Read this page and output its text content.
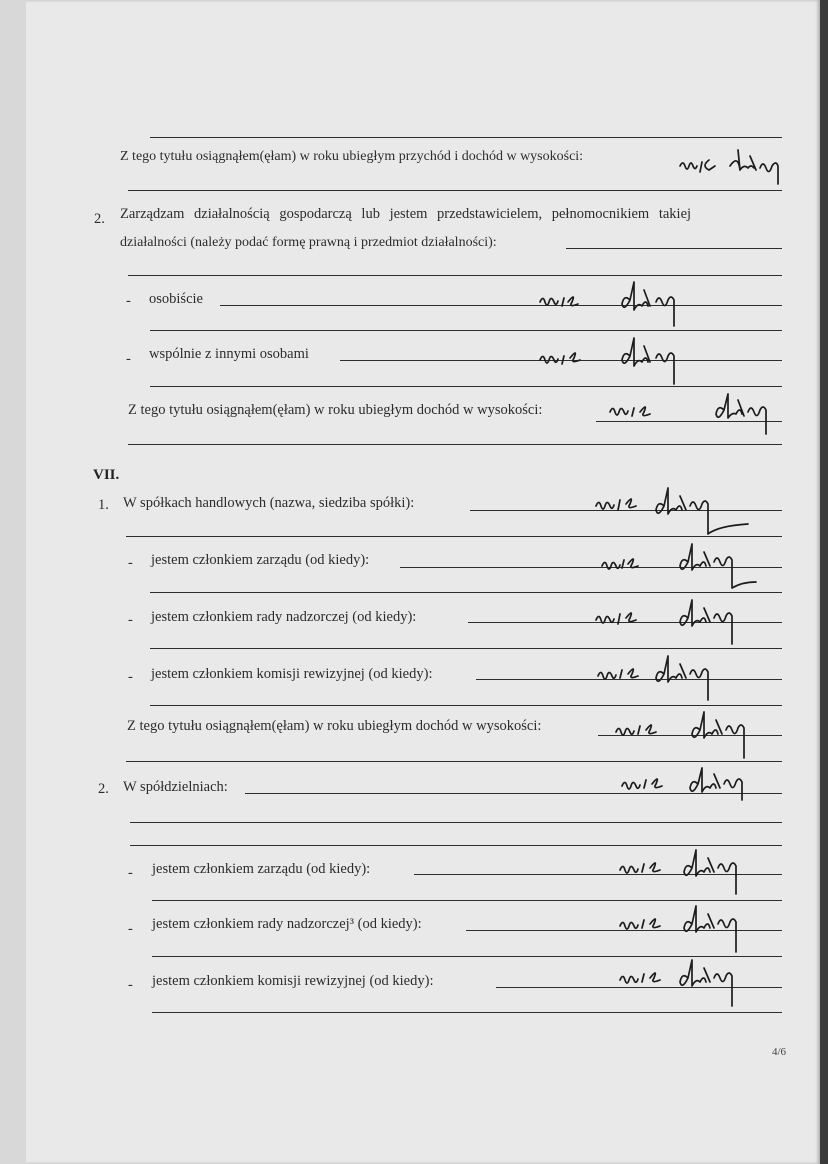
Z tego tytułu osiągnąłem(ęłam) w roku ubiegłym przychód i dochód w wysokości:
2. Zarządzam działalnością gospodarczą lub jestem przedstawicielem, pełnomocnikiem takiej
działalności (należy podać formę prawną i przedmiot działalności):
- osobiście
- wspólnie z innymi osobami
Z tego tytułu osiągnąłem(ęłam) w roku ubiegłym dochód w wysokości:
VII.
1. W spółkach handlowych (nazwa, siedziba spółki):
- jestem członkiem zarządu (od kiedy):
- jestem członkiem rady nadzorczej (od kiedy):
- jestem członkiem komisji rewizyjnej (od kiedy):
Z tego tytułu osiągnąłem(ęłam) w roku ubiegłym dochód w wysokości:
2. W spółdzielniach:
- jestem członkiem zarządu (od kiedy):
- jestem członkiem rady nadzorczej³ (od kiedy):
- jestem członkiem komisji rewizyjnej (od kiedy):
4/6
